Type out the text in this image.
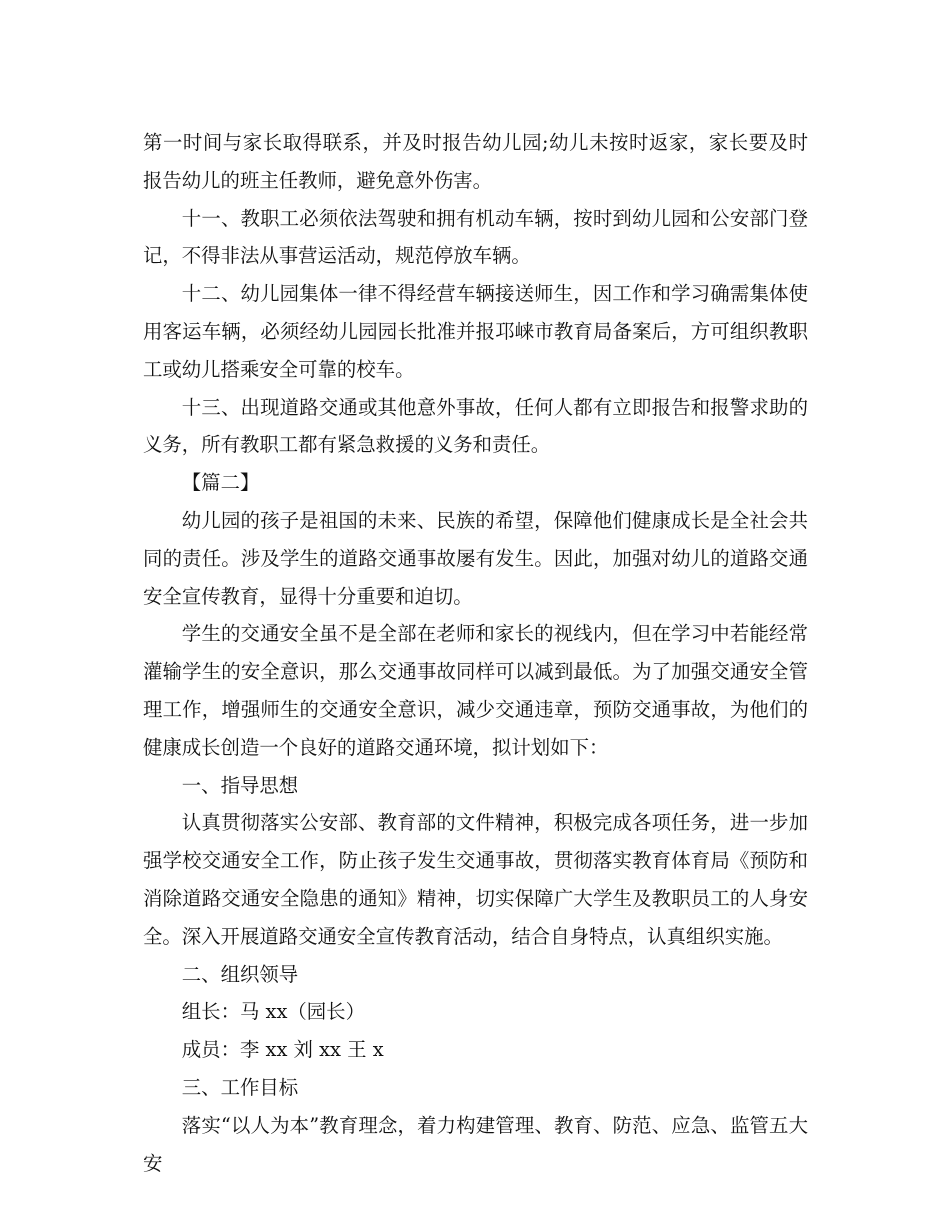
第一时间与家长取得联系，并及时报告幼儿园;幼儿未按时返家，家长要及时报告幼儿的班主任教师，避免意外伤害。

十一、教职工必须依法驾驶和拥有机动车辆，按时到幼儿园和公安部门登记，不得非法从事营运活动，规范停放车辆。

十二、幼儿园集体一律不得经营车辆接送师生，因工作和学习确需集体使用客运车辆，必须经幼儿园园长批准并报邛崃市教育局备案后，方可组织教职工或幼儿搭乘安全可靠的校车。

十三、出现道路交通或其他意外事故，任何人都有立即报告和报警求助的义务，所有教职工都有紧急救援的义务和责任。

【篇二】

幼儿园的孩子是祖国的未来、民族的希望，保障他们健康成长是全社会共同的责任。涉及学生的道路交通事故屡有发生。因此，加强对幼儿的道路交通安全宣传教育，显得十分重要和迫切。

学生的交通安全虽不是全部在老师和家长的视线内，但在学习中若能经常灌输学生的安全意识，那么交通事故同样可以减到最低。为了加强交通安全管理工作，增强师生的交通安全意识，减少交通违章，预防交通事故，为他们的健康成长创造一个良好的道路交通环境，拟计划如下：

一、指导思想

认真贯彻落实公安部、教育部的文件精神，积极完成各项任务，进一步加强学校交通安全工作，防止孩子发生交通事故，贯彻落实教育体育局《预防和消除道路交通安全隐患的通知》精神，切实保障广大学生及教职员工的人身安全。深入开展道路交通安全宣传教育活动，结合自身特点，认真组织实施。

二、组织领导

组长：马 xx（园长）

成员：李 xx 刘 xx 王 x

三、工作目标

落实“以人为本”教育理念，着力构建管理、教育、防范、应急、监管五大安
